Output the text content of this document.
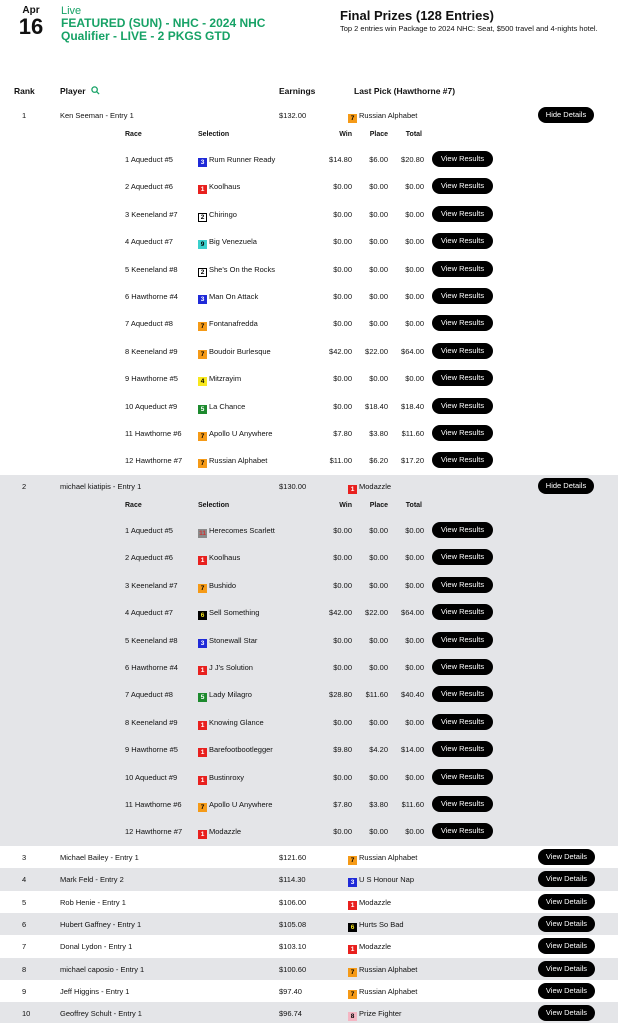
Apr
16
Live
FEATURED (SUN) - NHC - 2024 NHC Qualifier - LIVE - 2 PKGS GTD
Final Prizes (128 Entries)
Top 2 entries win Package to 2024 NHC: Seat, $500 travel and 4-nights hotel.
Rank	Player	Earnings	Last Pick (Hawthorne #7)
1	Ken Seeman - Entry 1	$132.00	7 Russian Alphabet	Hide Details
Race	Selection	Win	Place	Total
1 Aqueduct #5	3 Rum Runner Ready	$14.80	$6.00	$20.80	View Results
2 Aqueduct #6	1 Koolhaus	$0.00	$0.00	$0.00	View Results
3 Keeneland #7	2 Chiringo	$0.00	$0.00	$0.00	View Results
4 Aqueduct #7	9 Big Venezuela	$0.00	$0.00	$0.00	View Results
5 Keeneland #8	2 She's On the Rocks	$0.00	$0.00	$0.00	View Results
6 Hawthorne #4	3 Man On Attack	$0.00	$0.00	$0.00	View Results
7 Aqueduct #8	7 Fontanafredda	$0.00	$0.00	$0.00	View Results
8 Keeneland #9	7 Boudoir Burlesque	$42.00	$22.00	$64.00	View Results
9 Hawthorne #5	4 Mitzrayim	$0.00	$0.00	$0.00	View Results
10 Aqueduct #9	5 La Chance	$0.00	$18.40	$18.40	View Results
11 Hawthorne #6	7 Apollo U Anywhere	$7.80	$3.80	$11.60	View Results
12 Hawthorne #7	7 Russian Alphabet	$11.00	$6.20	$17.20	View Results
2	michael kiatipis - Entry 1	$130.00	1 Modazzle	Hide Details
Race	Selection	Win	Place	Total
1 Aqueduct #5	11 Herecomes Scarlett	$0.00	$0.00	$0.00	View Results
2 Aqueduct #6	1 Koolhaus	$0.00	$0.00	$0.00	View Results
3 Keeneland #7	7 Bushido	$0.00	$0.00	$0.00	View Results
4 Aqueduct #7	6 Sell Something	$42.00	$22.00	$64.00	View Results
5 Keeneland #8	3 Stonewall Star	$0.00	$0.00	$0.00	View Results
6 Hawthorne #4	1 J J's Solution	$0.00	$0.00	$0.00	View Results
7 Aqueduct #8	5 Lady Milagro	$28.80	$11.60	$40.40	View Results
8 Keeneland #9	1 Knowing Glance	$0.00	$0.00	$0.00	View Results
9 Hawthorne #5	1 Barefootbootlegger	$9.80	$4.20	$14.00	View Results
10 Aqueduct #9	1 Bustinroxy	$0.00	$0.00	$0.00	View Results
11 Hawthorne #6	7 Apollo U Anywhere	$7.80	$3.80	$11.60	View Results
12 Hawthorne #7	1 Modazzle	$0.00	$0.00	$0.00	View Results
3	Michael Bailey - Entry 1	$121.60	7 Russian Alphabet	View Details
4	Mark Feld - Entry 2	$114.30	3 U S Honour Nap	View Details
5	Rob Henie - Entry 1	$106.00	1 Modazzle	View Details
6	Hubert Gaffney - Entry 1	$105.08	6 Hurts So Bad	View Details
7	Donal Lydon - Entry 1	$103.10	1 Modazzle	View Details
8	michael caposio - Entry 1	$100.60	7 Russian Alphabet	View Details
9	Jeff Higgins - Entry 1	$97.40	7 Russian Alphabet	View Details
10	Geoffrey Schult - Entry 1	$96.74	8 Prize Fighter	View Details
